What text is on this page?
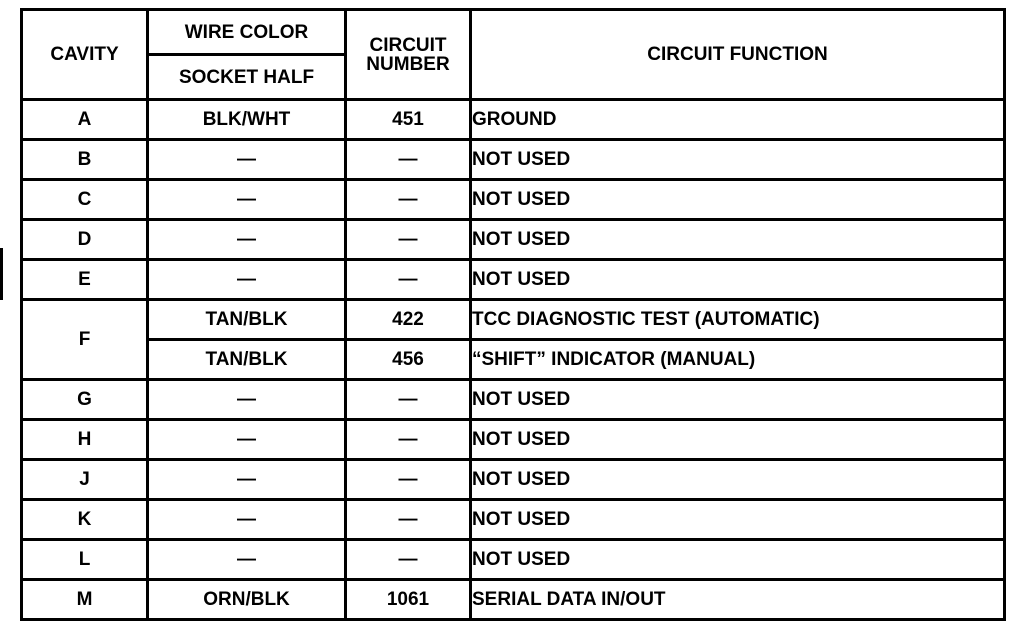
CAVITY	WIRE COLOR	CIRCUIT NUMBER	CIRCUIT FUNCTION
	SOCKET HALF		
A	BLK/WHT	451	GROUND
B	—	—	NOT USED
C	—	—	NOT USED
D	—	—	NOT USED
E	—	—	NOT USED
F	TAN/BLK	422	TCC DIAGNOSTIC TEST (AUTOMATIC)
	TAN/BLK	456	“SHIFT” INDICATOR (MANUAL)
G	—	—	NOT USED
H	—	—	NOT USED
J	—	—	NOT USED
K	—	—	NOT USED
L	—	—	NOT USED
M	ORN/BLK	1061	SERIAL DATA IN/OUT
